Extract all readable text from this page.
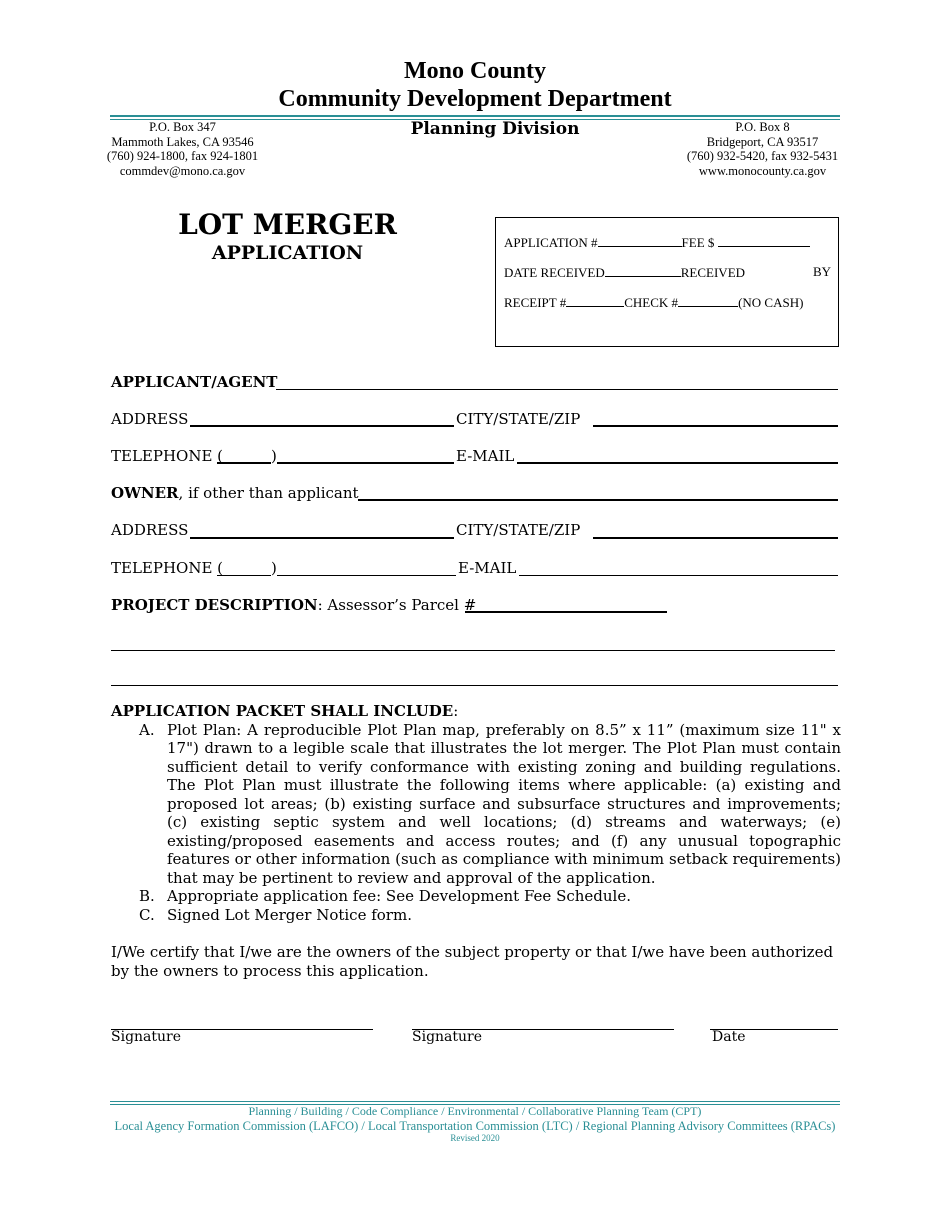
Mono County
Community Development Department
P.O. Box 347
Mammoth Lakes, CA 93546
(760) 924-1800, fax 924-1801
commdev@mono.ca.gov
Planning Division	P.O. Box 8
Bridgeport, CA 93517
(760) 932-5420, fax 932-5431
www.monocounty.ca.gov
LOT MERGER
APPLICATION	APPLICATION #	FEE $
DATE RECEIVED	RECEIVED	BY
RECEIPT #	CHECK #	(NO CASH)
APPLICANT/AGENT
ADDRESS	CITY/STATE/ZIP
TELEPHONE (	)	E-MAIL
OWNER, if other than applicant
ADDRESS	CITY/STATE/ZIP
TELEPHONE (	)	E-MAIL
PROJECT DESCRIPTION: Assessor’s Parcel #
APPLICATION PACKET SHALL INCLUDE:
A. Plot Plan: A reproducible Plot Plan map, preferably on 8.5” x 11” (maximum size 11" x 17") drawn to a legible scale that illustrates the lot merger. The Plot Plan must contain sufficient detail to verify conformance with existing zoning and building regulations. The Plot Plan must illustrate the following items where applicable: (a) existing and proposed lot areas; (b) existing surface and subsurface structures and improvements; (c) existing septic system and well locations; (d) streams and waterways; (e) existing/proposed easements and access routes; and (f) any unusual topographic features or other information (such as compliance with minimum setback requirements) that may be pertinent to review and approval of the application.
B. Appropriate application fee: See Development Fee Schedule.
C. Signed Lot Merger Notice form.
I/We certify that I/we are the owners of the subject property or that I/we have been authorized by the owners to process this application.
Signature	Signature	Date
Planning / Building / Code Compliance / Environmental / Collaborative Planning Team (CPT)
Local Agency Formation Commission (LAFCO) / Local Transportation Commission (LTC) / Regional Planning Advisory Committees (RPACs)
Revised 2020
